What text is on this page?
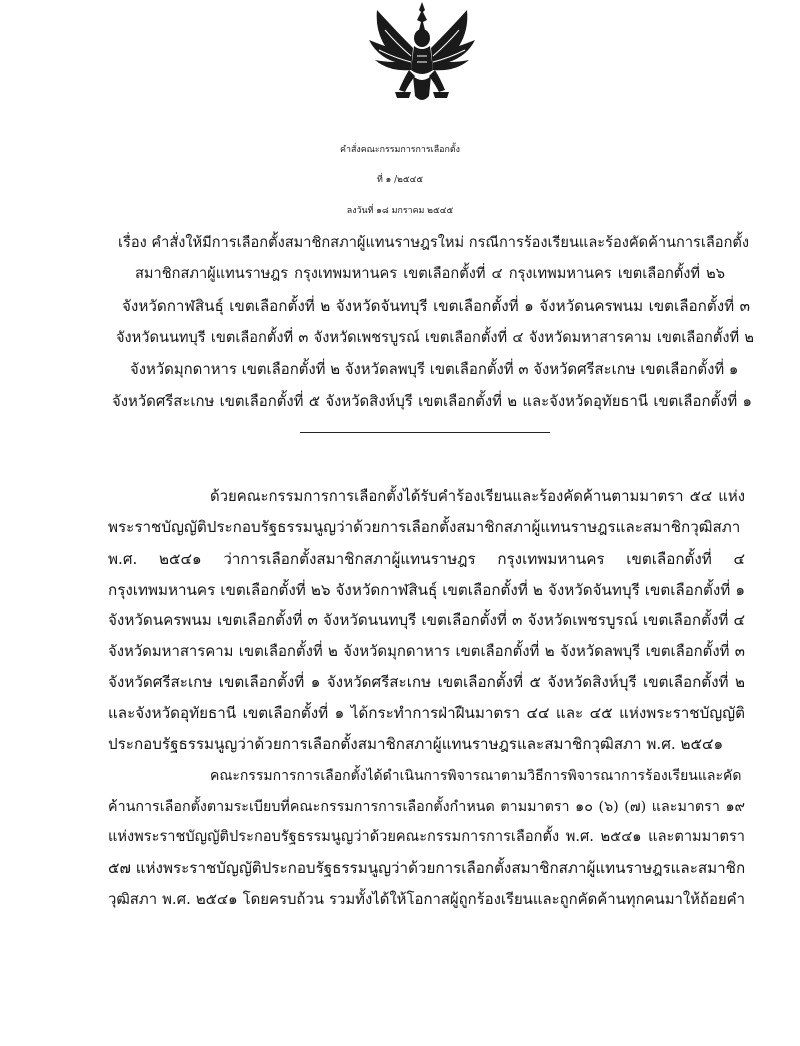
คำสั่งคณะกรรมการการเลือกตั้ง
ที่ ๑ /๒๕๔๕
ลงวันที่ ๑๘ มกราคม ๒๕๔๕
เรื่อง คำสั่งให้มีการเลือกตั้งสมาชิกสภาผู้แทนราษฎรใหม่ กรณีการร้องเรียนและร้องคัดค้านการเลือกตั้ง
สมาชิกสภาผู้แทนราษฎร กรุงเทพมหานคร เขตเลือกตั้งที่ ๔ กรุงเทพมหานคร เขตเลือกตั้งที่ ๒๖
จังหวัดกาฬสินธุ์ เขตเลือกตั้งที่ ๒ จังหวัดจันทบุรี เขตเลือกตั้งที่ ๑ จังหวัดนครพนม เขตเลือกตั้งที่ ๓
จังหวัดนนทบุรี เขตเลือกตั้งที่ ๓ จังหวัดเพชรบูรณ์ เขตเลือกตั้งที่ ๔ จังหวัดมหาสารคาม เขตเลือกตั้งที่ ๒
จังหวัดมุกดาหาร เขตเลือกตั้งที่ ๒ จังหวัดลพบุรี เขตเลือกตั้งที่ ๓ จังหวัดศรีสะเกษ เขตเลือกตั้งที่ ๑
จังหวัดศรีสะเกษ เขตเลือกตั้งที่ ๕ จังหวัดสิงห์บุรี เขตเลือกตั้งที่ ๒ และจังหวัดอุทัยธานี เขตเลือกตั้งที่ ๑
ด้วยคณะกรรมการการเลือกตั้งได้รับคำร้องเรียนและร้องคัดค้านตามมาตรา ๕๔ แห่ง
พระราชบัญญัติประกอบรัฐธรรมนูญว่าด้วยการเลือกตั้งสมาชิกสภาผู้แทนราษฎรและสมาชิกวุฒิสภา
พ.ศ. ๒๕๔๑ ว่าการเลือกตั้งสมาชิกสภาผู้แทนราษฎร กรุงเทพมหานคร เขตเลือกตั้งที่ ๔
กรุงเทพมหานคร เขตเลือกตั้งที่ ๒๖ จังหวัดกาฬสินธุ์ เขตเลือกตั้งที่ ๒ จังหวัดจันทบุรี เขตเลือกตั้งที่ ๑
จังหวัดนครพนม เขตเลือกตั้งที่ ๓ จังหวัดนนทบุรี เขตเลือกตั้งที่ ๓ จังหวัดเพชรบูรณ์ เขตเลือกตั้งที่ ๔
จังหวัดมหาสารคาม เขตเลือกตั้งที่ ๒ จังหวัดมุกดาหาร เขตเลือกตั้งที่ ๒ จังหวัดลพบุรี เขตเลือกตั้งที่ ๓
จังหวัดศรีสะเกษ เขตเลือกตั้งที่ ๑ จังหวัดศรีสะเกษ เขตเลือกตั้งที่ ๕ จังหวัดสิงห์บุรี เขตเลือกตั้งที่ ๒
และจังหวัดอุทัยธานี เขตเลือกตั้งที่ ๑ ได้กระทำการฝ่าฝืนมาตรา ๔๔ และ ๔๕ แห่งพระราชบัญญัติ
ประกอบรัฐธรรมนูญว่าด้วยการเลือกตั้งสมาชิกสภาผู้แทนราษฎรและสมาชิกวุฒิสภา พ.ศ. ๒๕๔๑
คณะกรรมการการเลือกตั้งได้ดำเนินการพิจารณาตามวิธีการพิจารณาการร้องเรียนและคัด
ค้านการเลือกตั้งตามระเบียบที่คณะกรรมการการเลือกตั้งกำหนด ตามมาตรา ๑๐ (๖) (๗) และมาตรา ๑๙
แห่งพระราชบัญญัติประกอบรัฐธรรมนูญว่าด้วยคณะกรรมการการเลือกตั้ง พ.ศ. ๒๕๔๑ และตามมาตรา
๕๗ แห่งพระราชบัญญัติประกอบรัฐธรรมนูญว่าด้วยการเลือกตั้งสมาชิกสภาผู้แทนราษฎรและสมาชิก
วุฒิสภา พ.ศ. ๒๕๔๑ โดยครบถ้วน รวมทั้งได้ให้โอกาสผู้ถูกร้องเรียนและถูกคัดค้านทุกคนมาให้ถ้อยคำ
